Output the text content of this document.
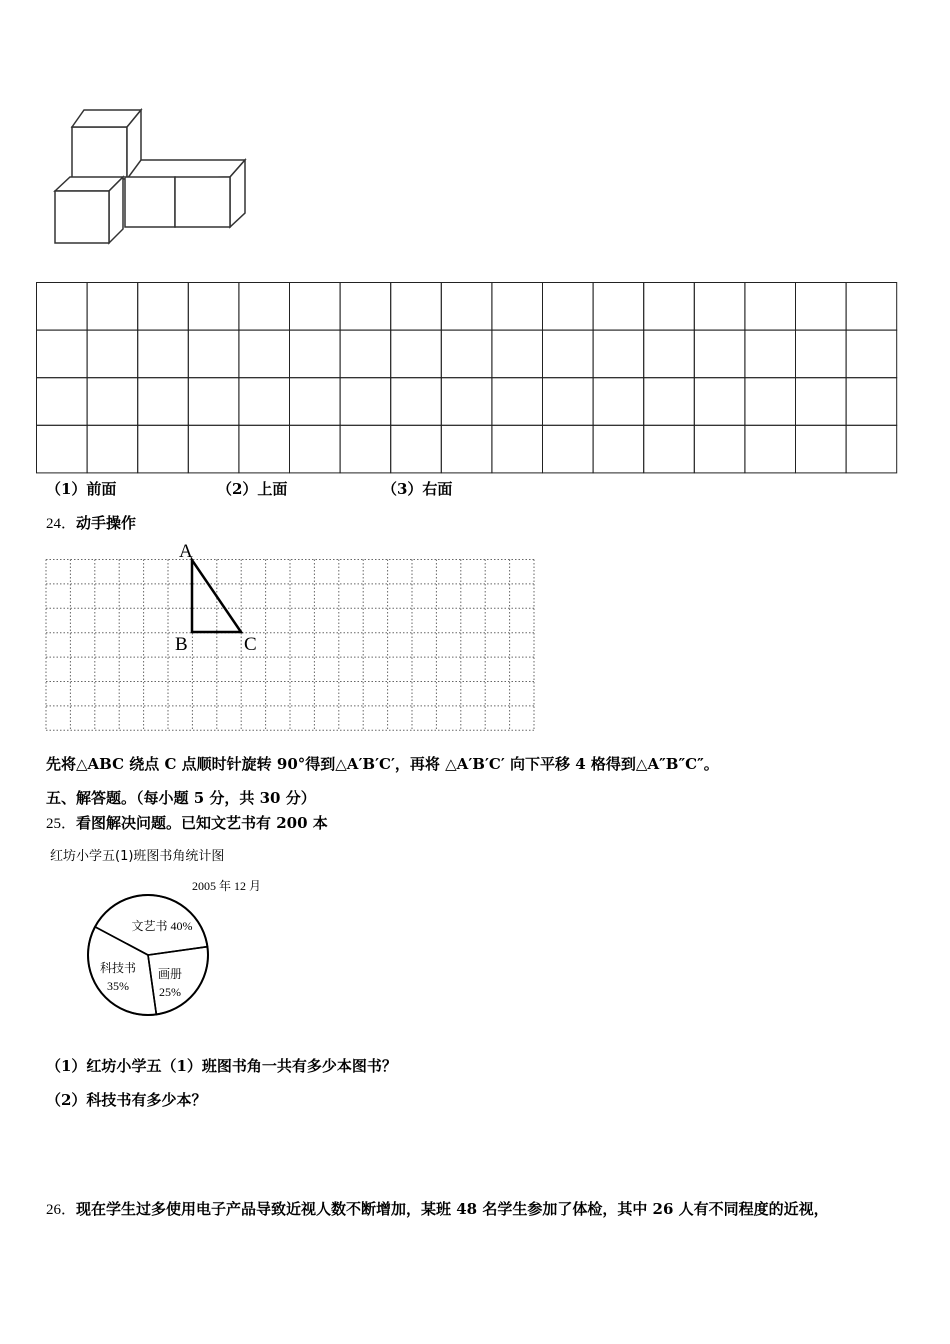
（1）前面	（2）上面	（3）右面
24．动手操作
A
B	C
先将△ABC 绕点 C 点顺时针旋转 90°得到△A′B′C′，再将 △A′B′C′ 向下平移 4 格得到△A″B″C″。
五、解答题。（每小题 5 分，共 30 分）
25．看图解决问题。已知文艺书有 200 本
红坊小学五(1)班图书角统计图
2005 年 12 月
文艺书 40%
科技书
35%
画册
25%
（1）红坊小学五（1）班图书角一共有多少本图书？
（2）科技书有多少本？
26．现在学生过多使用电子产品导致近视人数不断增加，某班 48 名学生参加了体检，其中 26 人有不同程度的近视，
